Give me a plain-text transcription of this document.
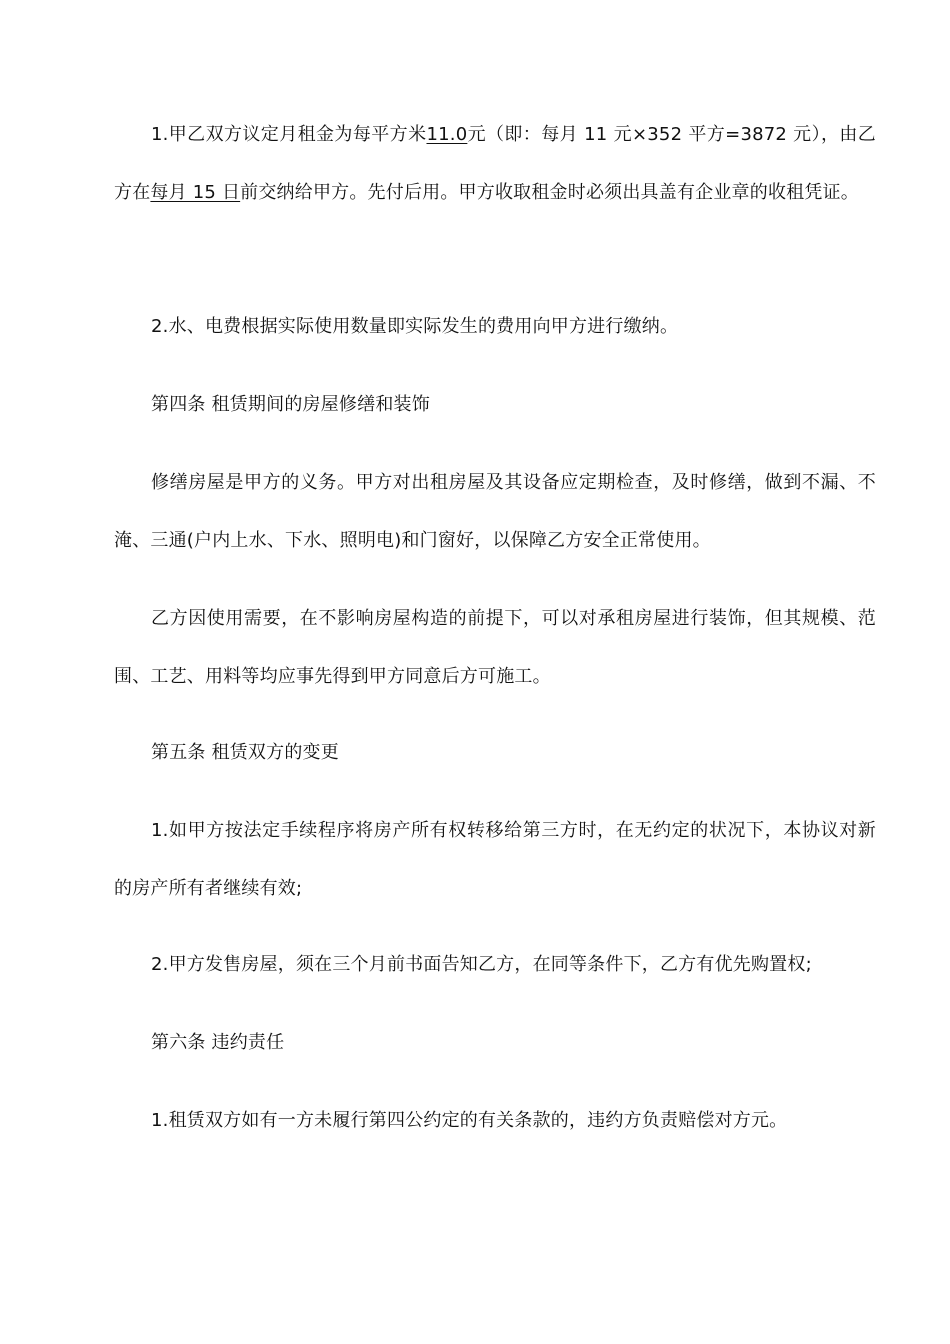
1.甲乙双方议定月租金为每平方米11.0元（即：每月 11 元×352 平方=3872 元），由乙方在每月 15 日前交纳给甲方。先付后用。甲方收取租金时必须出具盖有企业章的收租凭证。

2.水、电费根据实际使用数量即实际发生的费用向甲方进行缴纳。

第四条 租赁期间的房屋修缮和装饰

修缮房屋是甲方的义务。甲方对出租房屋及其设备应定期检查，及时修缮，做到不漏、不淹、三通(户内上水、下水、照明电)和门窗好，以保障乙方安全正常使用。

乙方因使用需要，在不影响房屋构造的前提下，可以对承租房屋进行装饰，但其规模、范围、工艺、用料等均应事先得到甲方同意后方可施工。

第五条 租赁双方的变更

1.如甲方按法定手续程序将房产所有权转移给第三方时，在无约定的状况下，本协议对新的房产所有者继续有效;

2.甲方发售房屋，须在三个月前书面告知乙方，在同等条件下，乙方有优先购置权;

第六条 违约责任

1.租赁双方如有一方未履行第四公约定的有关条款的，违约方负责赔偿对方元。
